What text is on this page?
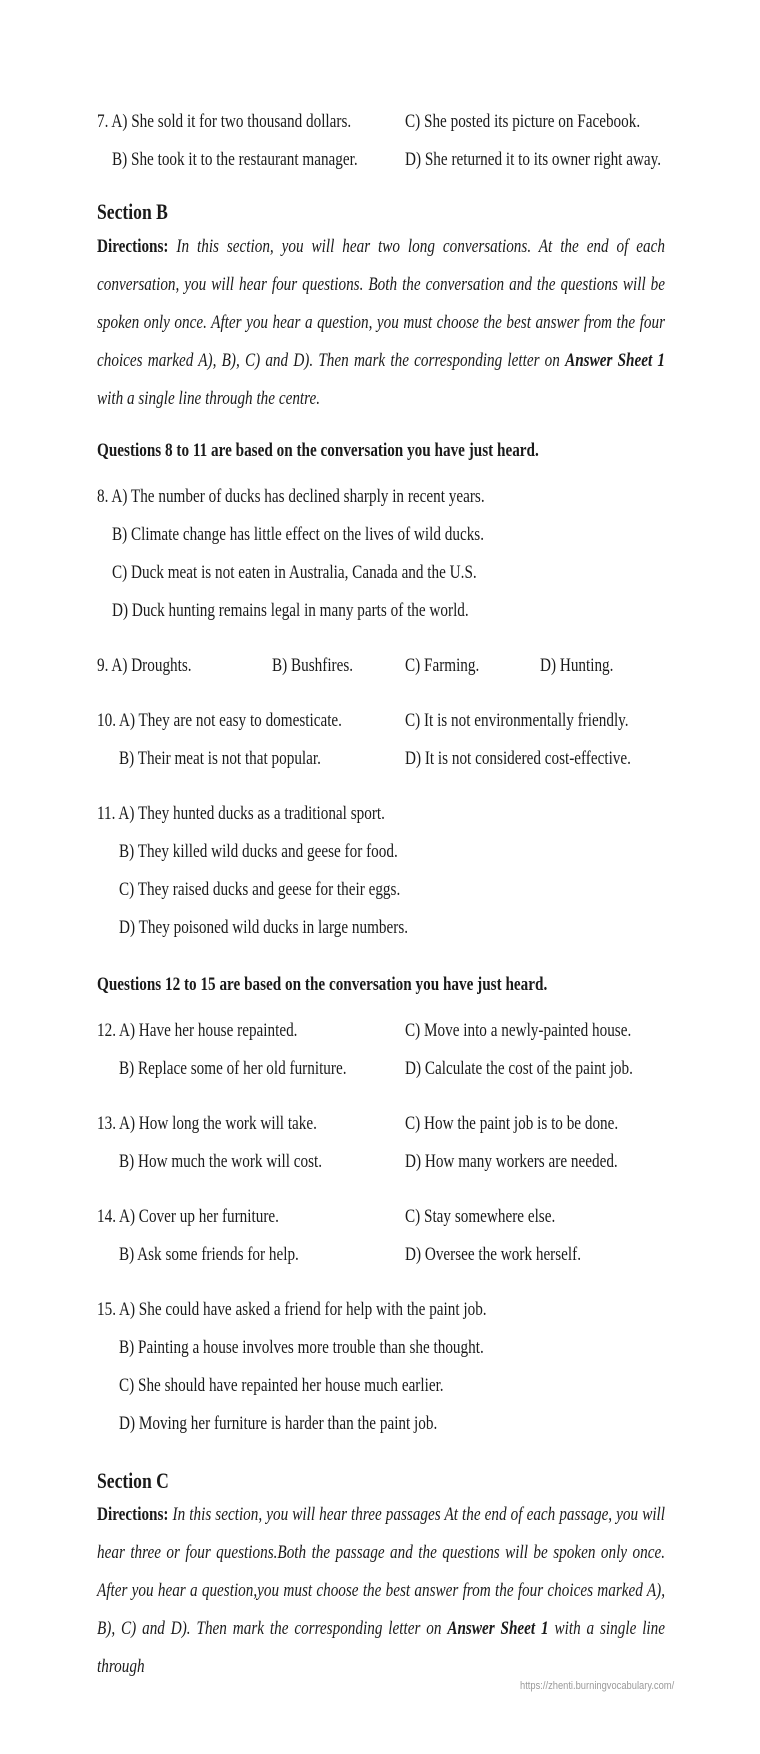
7. A) She sold it for two thousand dollars.	C) She posted its picture on Facebook.
B) She took it to the restaurant manager. D) She returned it to its owner right away.
Section B
Directions: In this section, you will hear two long conversations. At the end of each conversation, you will hear four questions. Both the conversation and the questions will be spoken only once. After you hear a question, you must choose the best answer from the four choices marked A), B), C) and D). Then mark the corresponding letter on Answer Sheet 1 with a single line through the centre.
Questions 8 to 11 are based on the conversation you have just heard.
8. A) The number of ducks has declined sharply in recent years.
B) Climate change has little effect on the lives of wild ducks.
C) Duck meat is not eaten in Australia, Canada and the U.S.
D) Duck hunting remains legal in many parts of the world.
9. A) Droughts.	B) Bushfires.	C) Farming.	D) Hunting.
10. A) They are not easy to domesticate.	C) It is not environmentally friendly.
B) Their meat is not that popular.	D) It is not considered cost-effective.
11. A) They hunted ducks as a traditional sport.
B) They killed wild ducks and geese for food.
C) They raised ducks and geese for their eggs.
D) They poisoned wild ducks in large numbers.
Questions 12 to 15 are based on the conversation you have just heard.
12. A) Have her house repainted.	C) Move into a newly-painted house.
B) Replace some of her old furniture.	D) Calculate the cost of the paint job.
13. A) How long the work will take.	C) How the paint job is to be done.
B) How much the work will cost.	D) How many workers are needed.
14. A) Cover up her furniture.	C) Stay somewhere else.
B) Ask some friends for help.	D) Oversee the work herself.
15. A) She could have asked a friend for help with the paint job.
B) Painting a house involves more trouble than she thought.
C) She should have repainted her house much earlier.
D) Moving her furniture is harder than the paint job.
Section C
Directions: In this section, you will hear three passages At the end of each passage, you will hear three or four questions.Both the passage and the questions will be spoken only once. After you hear a question,you must choose the best answer from the four choices marked A), B), C) and D). Then mark the corresponding letter on Answer Sheet 1 with a single line through
https://zhenti.burningvocabulary.com/
